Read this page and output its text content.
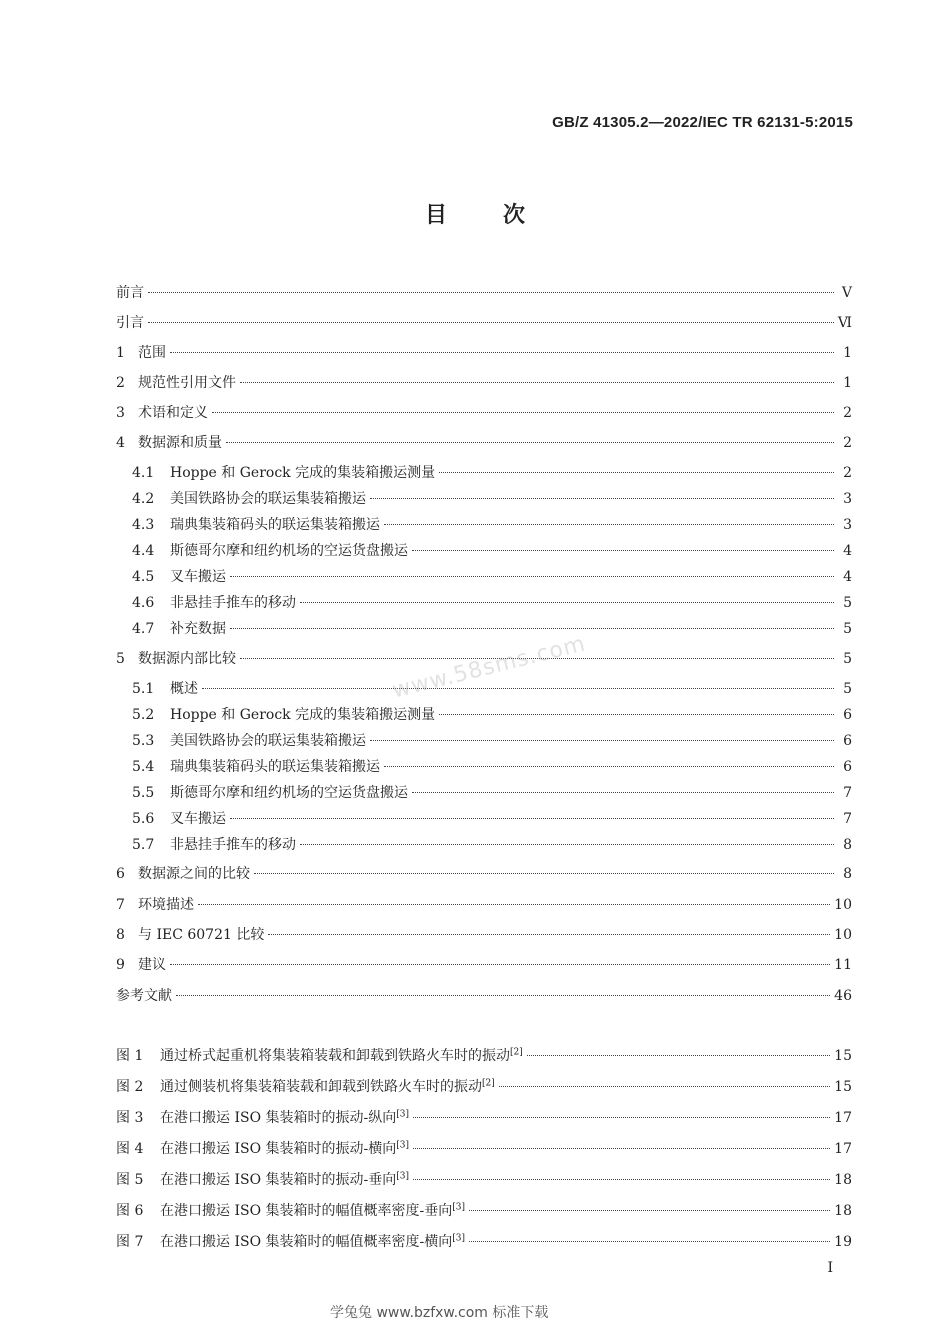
GB/Z 41305.2—2022/IEC TR 62131-5:2015
目次
前言	Ⅴ
引言	Ⅵ
1 范围	1
2 规范性引用文件	1
3 术语和定义	2
4 数据源和质量	2
4.1	Hoppe 和 Gerock 完成的集装箱搬运测量	2
4.2	美国铁路协会的联运集装箱搬运	3
4.3	瑞典集装箱码头的联运集装箱搬运	3
4.4	斯德哥尔摩和纽约机场的空运货盘搬运	4
4.5	叉车搬运	4
4.6	非悬挂手推车的移动	5
4.7	补充数据	5
5 数据源内部比较	5
5.1	概述	5
5.2	Hoppe 和 Gerock 完成的集装箱搬运测量	6
5.3	美国铁路协会的联运集装箱搬运	6
5.4	瑞典集装箱码头的联运集装箱搬运	6
5.5	斯德哥尔摩和纽约机场的空运货盘搬运	7
5.6	叉车搬运	7
5.7	非悬挂手推车的移动	8
6 数据源之间的比较	8
7 环境描述	10
8 与 IEC 60721 比较	10
9 建议	11
参考文献	46
图 1	通过桥式起重机将集装箱装载和卸载到铁路火车时的振动[2]	15
图 2	通过侧装机将集装箱装载和卸载到铁路火车时的振动[2]	15
图 3	在港口搬运 ISO 集装箱时的振动-纵向[3]	17
图 4	在港口搬运 ISO 集装箱时的振动-横向[3]	17
图 5	在港口搬运 ISO 集装箱时的振动-垂向[3]	18
图 6	在港口搬运 ISO 集装箱时的幅值概率密度-垂向[3]	18
图 7	在港口搬运 ISO 集装箱时的幅值概率密度-横向[3]	19
www.58sms.com
I
学兔兔 www.bzfxw.com 标准下载
